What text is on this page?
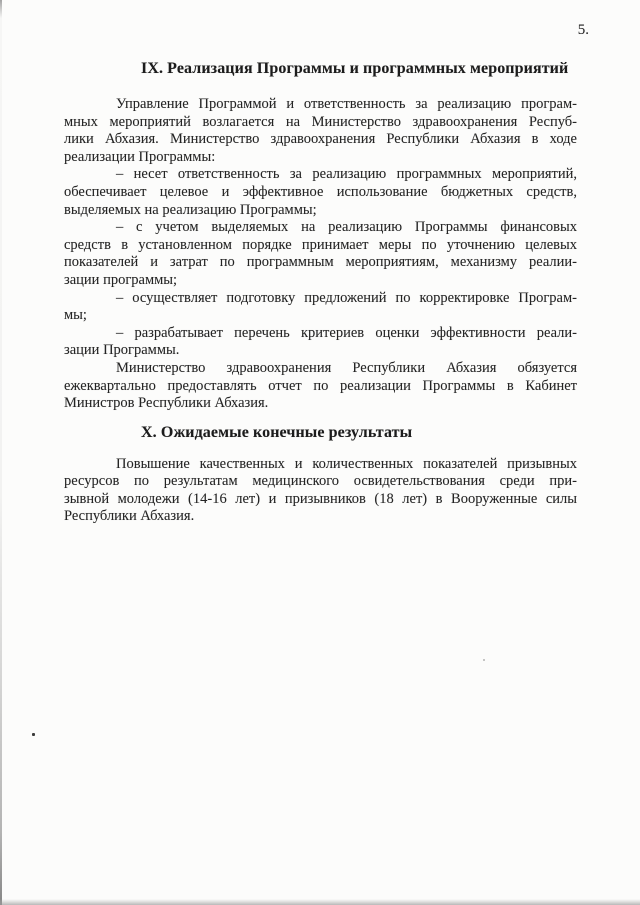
5.
IX. Реализация Программы и программных мероприятий
Управление Программой и ответственность за реализацию програм-
мных мероприятий возлагается на Министерство здравоохранения Респуб-
лики Абхазия. Министерство здравоохранения Республики Абхазия в ходе
реализации Программы:
– несет ответственность за реализацию программных мероприятий,
обеспечивает целевое и эффективное использование бюджетных средств,
выделяемых на реализацию Программы;
– с учетом выделяемых на реализацию Программы финансовых
средств в установленном порядке принимает меры по уточнению целевых
показателей и затрат по программным мероприятиям, механизму реалии-
зации программы;
– осуществляет подготовку предложений по корректировке Програм-
мы;
– разрабатывает перечень критериев оценки эффективности реали-
зации Программы.
Министерство здравоохранения Республики Абхазия обязуется
ежеквартально предоставлять отчет по реализации Программы в Кабинет
Министров Республики Абхазия.
X. Ожидаемые конечные результаты
Повышение качественных и количественных показателей призывных
ресурсов по результатам медицинского освидетельствования среди при-
зывной молодежи (14-16 лет) и призывников (18 лет) в Вооруженные силы
Республики Абхазия.
